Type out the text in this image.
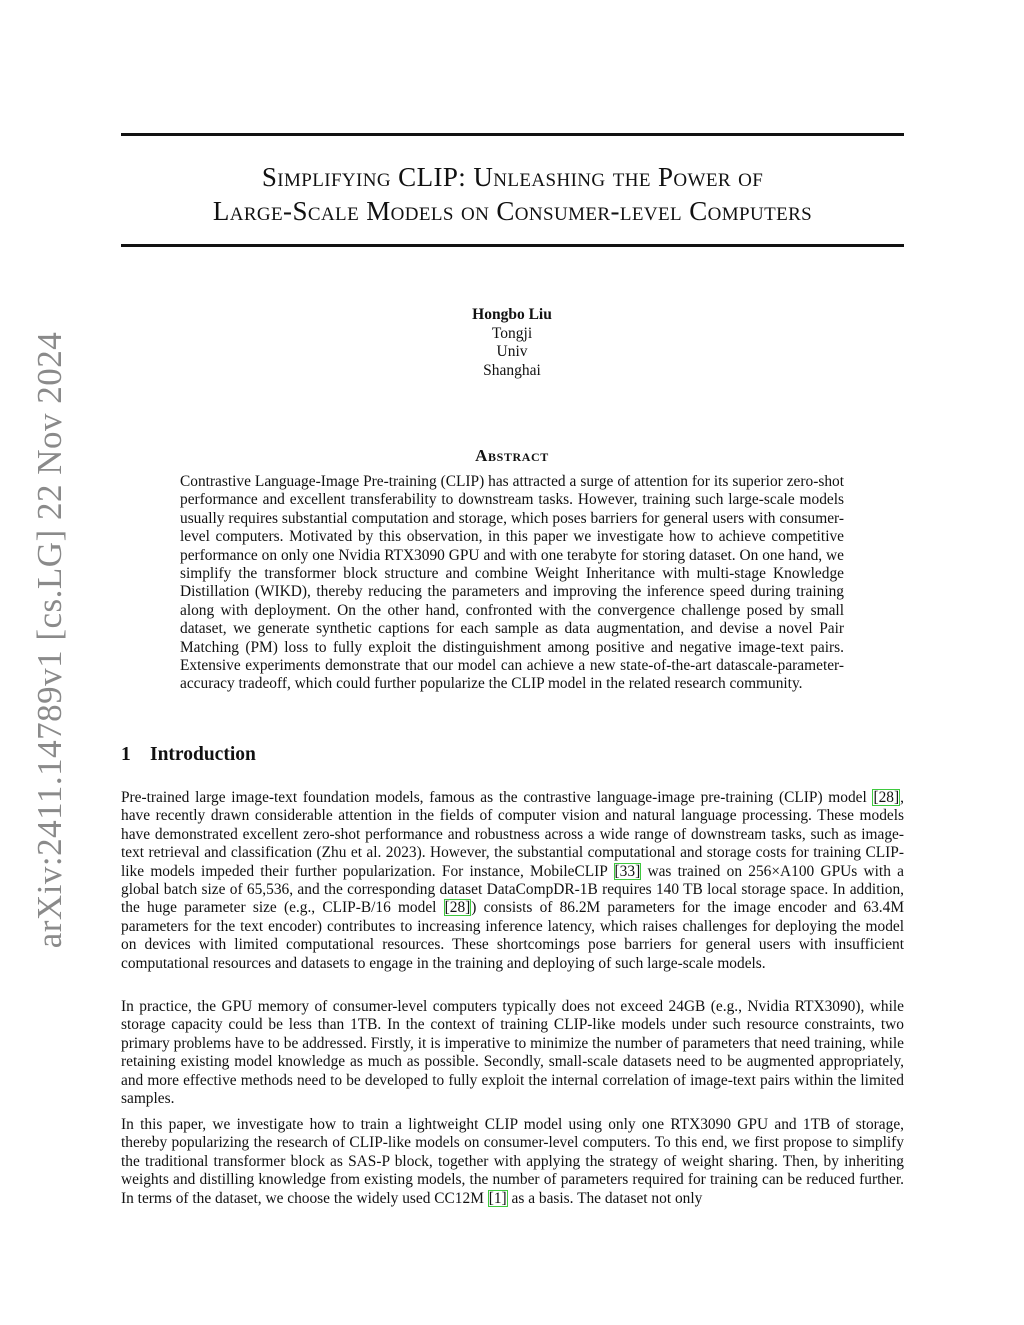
arXiv:2411.14789v1 [cs.LG] 22 Nov 2024
Simplifying CLIP: Unleashing the Power of
Large-Scale Models on Consumer-level Computers
Hongbo Liu
Tongji
Univ
Shanghai
Abstract

Contrastive Language-Image Pre-training (CLIP) has attracted a surge of attention for its superior zero-shot performance and excellent transferability to downstream tasks. However, training such large-scale models usually requires substantial computation and storage, which poses barriers for general users with consumer-level computers. Motivated by this observation, in this paper we investigate how to achieve competitive performance on only one Nvidia RTX3090 GPU and with one terabyte for storing dataset. On one hand, we simplify the transformer block structure and combine Weight Inheritance with multi-stage Knowledge Distillation (WIKD), thereby reducing the parameters and improving the inference speed during training along with deployment. On the other hand, confronted with the convergence challenge posed by small dataset, we generate synthetic captions for each sample as data augmentation, and devise a novel Pair Matching (PM) loss to fully exploit the distinguishment among positive and negative image-text pairs. Extensive experiments demonstrate that our model can achieve a new state-of-the-art datascale-parameter-accuracy tradeoff, which could further popularize the CLIP model in the related research community.

1 Introduction

Pre-trained large image-text foundation models, famous as the contrastive language-image pre-training (CLIP) model [28], have recently drawn considerable attention in the fields of computer vision and natural language processing. These models have demonstrated excellent zero-shot performance and robustness across a wide range of downstream tasks, such as image-text retrieval and classification (Zhu et al. 2023). However, the substantial computational and storage costs for training CLIP-like models impeded their further popularization. For instance, MobileCLIP [33] was trained on 256×A100 GPUs with a global batch size of 65,536, and the corresponding dataset DataCompDR-1B requires 140 TB local storage space. In addition, the huge parameter size (e.g., CLIP-B/16 model [28]) consists of 86.2M parameters for the image encoder and 63.4M parameters for the text encoder) contributes to increasing inference latency, which raises challenges for deploying the model on devices with limited computational resources. These shortcomings pose barriers for general users with insufficient computational resources and datasets to engage in the training and deploying of such large-scale models.

In practice, the GPU memory of consumer-level computers typically does not exceed 24GB (e.g., Nvidia RTX3090), while storage capacity could be less than 1TB. In the context of training CLIP-like models under such resource constraints, two primary problems have to be addressed. Firstly, it is imperative to minimize the number of parameters that need training, while retaining existing model knowledge as much as possible. Secondly, small-scale datasets need to be augmented appropriately, and more effective methods need to be developed to fully exploit the internal correlation of image-text pairs within the limited samples.

In this paper, we investigate how to train a lightweight CLIP model using only one RTX3090 GPU and 1TB of storage, thereby popularizing the research of CLIP-like models on consumer-level computers. To this end, we first propose to simplify the traditional transformer block as SAS-P block, together with applying the strategy of weight sharing. Then, by inheriting weights and distilling knowledge from existing models, the number of parameters required for training can be reduced further. In terms of the dataset, we choose the widely used CC12M [1] as a basis. The dataset not only
